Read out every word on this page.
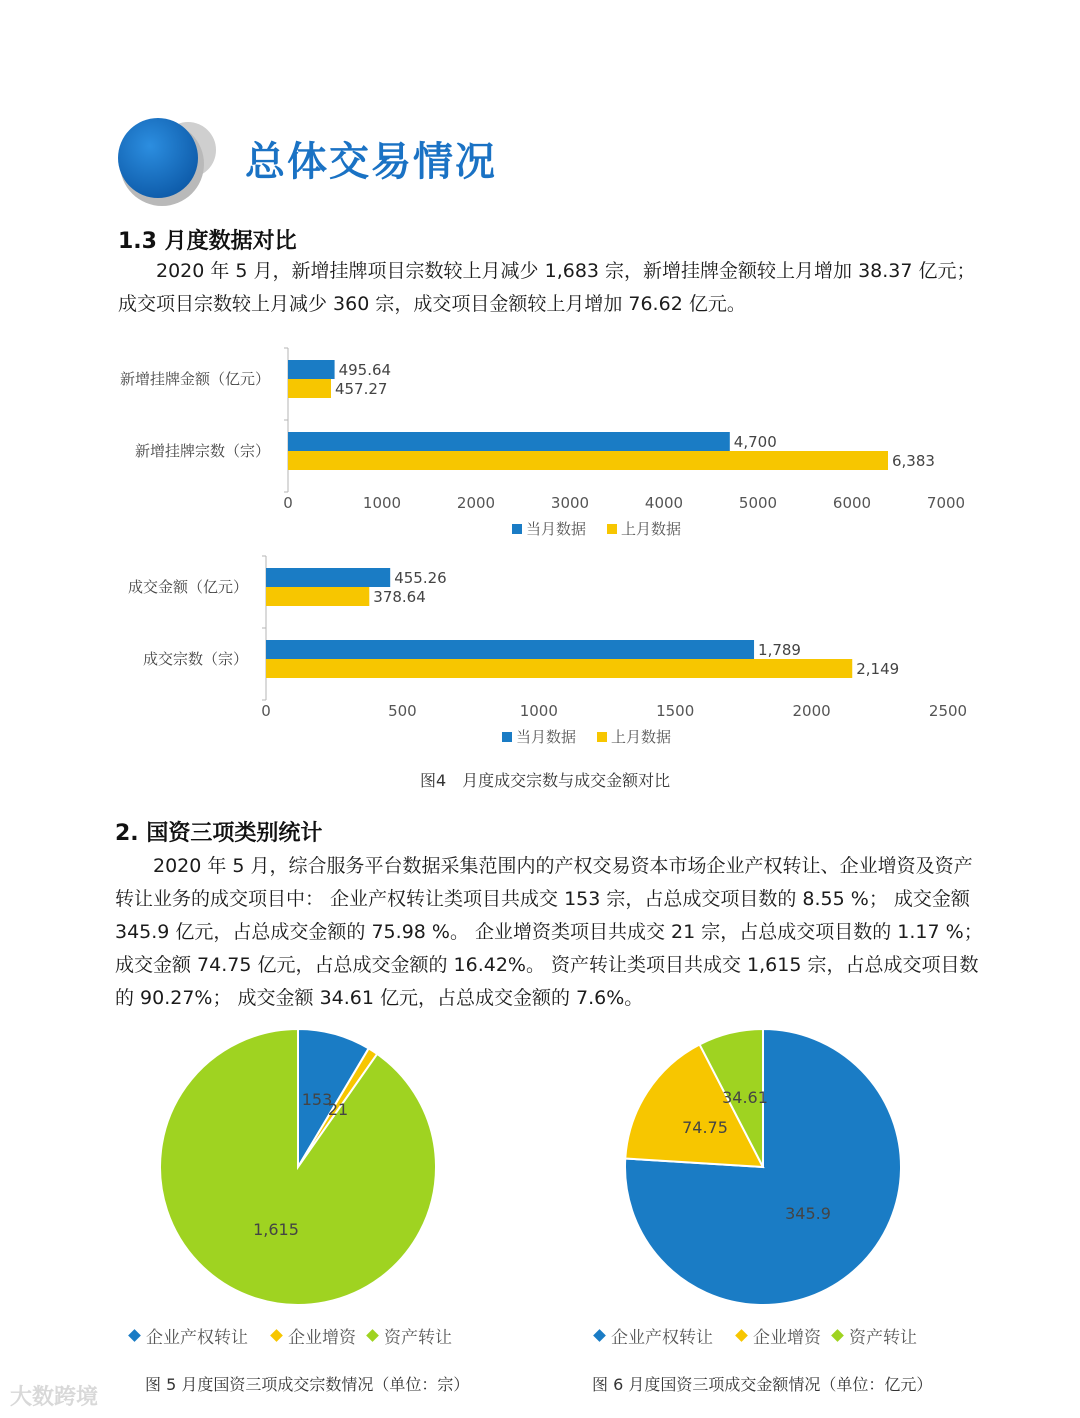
总体交易情况
1.3 月度数据对比
2020 年 5 月，新增挂牌项目宗数较上月减少 1,683 宗，新增挂牌金额较上月增加 38.37 亿元；
成交项目宗数较上月减少 360 宗，成交项目金额较上月增加 76.62 亿元。
新增挂牌金额（亿元）	495.64
457.27
新增挂牌宗数（宗）	4,700
6,383
0	1000	2000	3000	4000	5000	6000	7000
当月数据 上月数据
成交金额（亿元）	455.26
378.64
成交宗数（宗）	1,789
2,149
0	500	1000	1500	2000	2500
当月数据 上月数据
图4　月度成交宗数与成交金额对比
2. 国资三项类别统计
2020 年 5 月，综合服务平台数据采集范围内的产权交易资本市场企业产权转让、企业增资及资产
转让业务的成交项目中： 企业产权转让类项目共成交 153 宗，占总成交项目数的 8.55 %； 成交金额
345.9 亿元，占总成交金额的 75.98 %。 企业增资类项目共成交 21 宗，占总成交项目数的 1.17 %；
成交金额 74.75 亿元，占总成交金额的 16.42%。 资产转让类项目共成交 1,615 宗，占总成交项目数
的 90.27%； 成交金额 34.61 亿元，占总成交金额的 7.6%。
153
21
1,615
企业产权转让 企业增资 资产转让
345.9
74.75
34.61
企业产权转让 企业增资 资产转让
图 5 月度国资三项成交宗数情况（单位：宗）	图 6 月度国资三项成交金额情况（单位：亿元）
大数跨境
